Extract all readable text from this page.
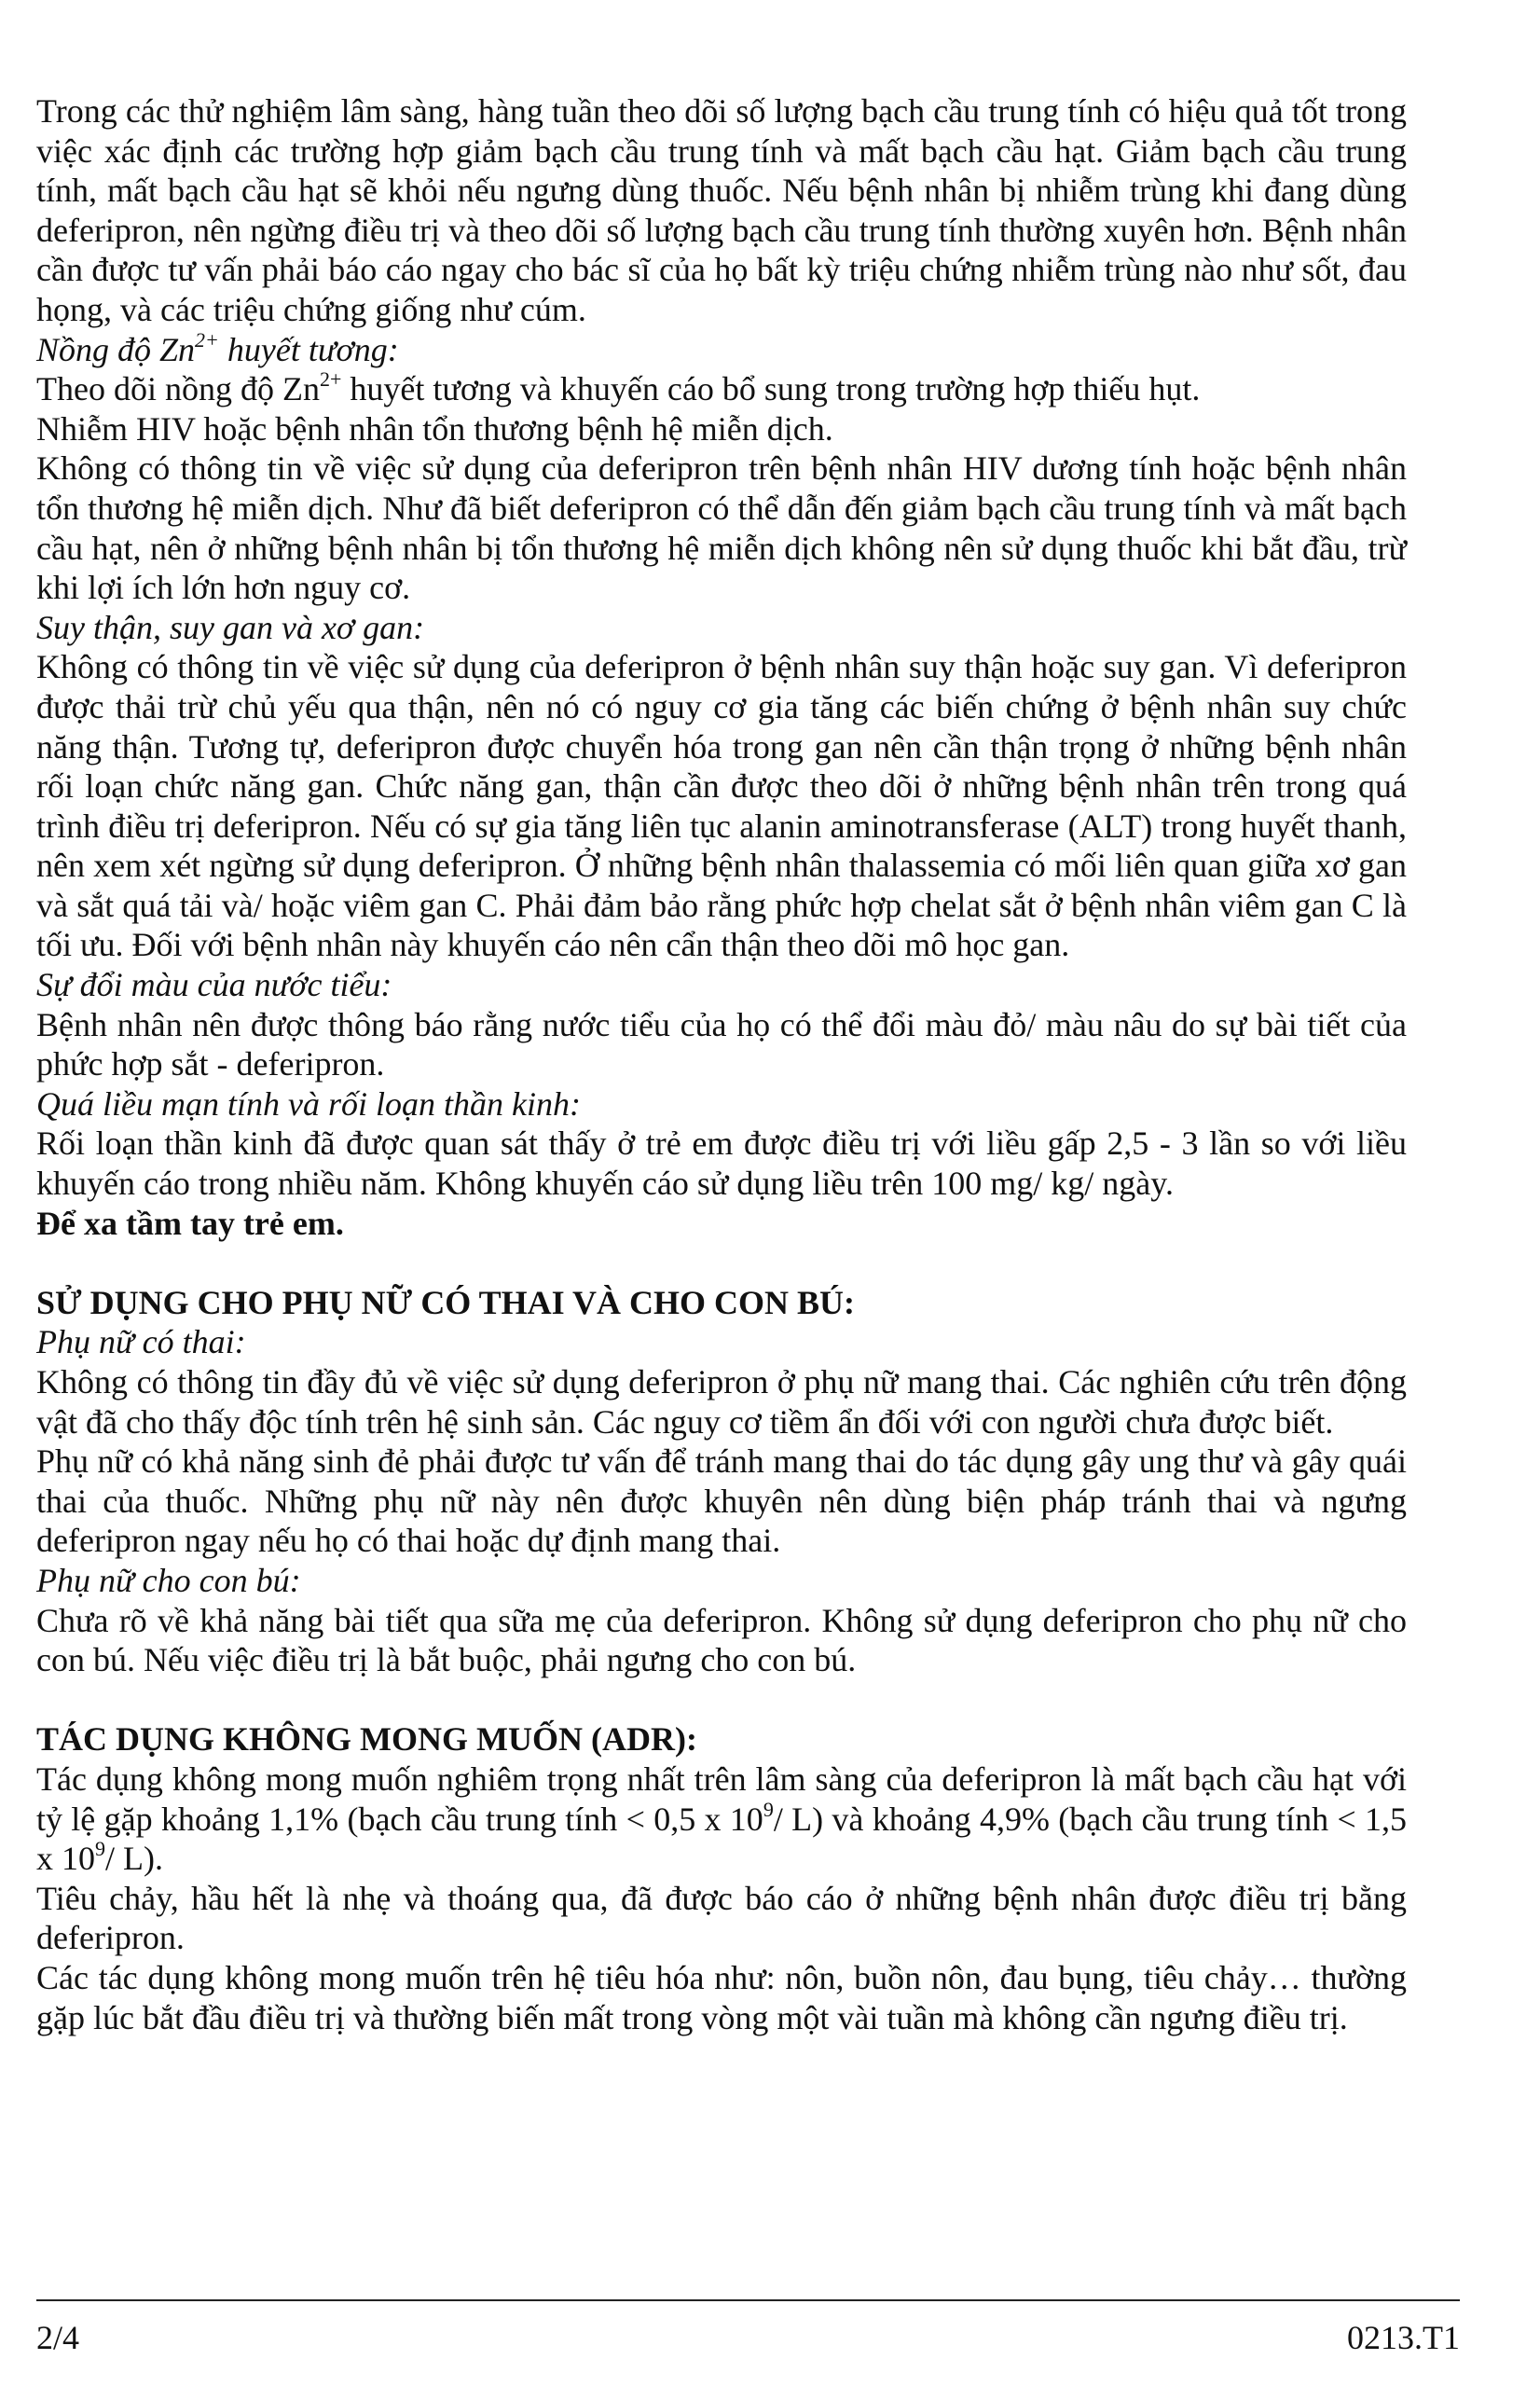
Trong các thử nghiệm lâm sàng, hàng tuần theo dõi số lượng bạch cầu trung tính có hiệu quả tốt trong việc xác định các trường hợp giảm bạch cầu trung tính và mất bạch cầu hạt. Giảm bạch cầu trung tính, mất bạch cầu hạt sẽ khỏi nếu ngưng dùng thuốc. Nếu bệnh nhân bị nhiễm trùng khi đang dùng deferipron, nên ngừng điều trị và theo dõi số lượng bạch cầu trung tính thường xuyên hơn. Bệnh nhân cần được tư vấn phải báo cáo ngay cho bác sĩ của họ bất kỳ triệu chứng nhiễm trùng nào như sốt, đau họng, và các triệu chứng giống như cúm.

Nồng độ $Zn^{2+}$ huyết tương:

Theo dõi nồng độ $Zn^{2+}$ huyết tương và khuyến cáo bổ sung trong trường hợp thiếu hụt.

Nhiễm HIV hoặc bệnh nhân tổn thương bệnh hệ miễn dịch.

Không có thông tin về việc sử dụng của deferipron trên bệnh nhân HIV dương tính hoặc bệnh nhân tổn thương hệ miễn dịch. Như đã biết deferipron có thể dẫn đến giảm bạch cầu trung tính và mất bạch cầu hạt, nên ở những bệnh nhân bị tổn thương hệ miễn dịch không nên sử dụng thuốc khi bắt đầu, trừ khi lợi ích lớn hơn nguy cơ.

Suy thận, suy gan và xơ gan:

Không có thông tin về việc sử dụng của deferipron ở bệnh nhân suy thận hoặc suy gan. Vì deferipron được thải trừ chủ yếu qua thận, nên nó có nguy cơ gia tăng các biến chứng ở bệnh nhân suy chức năng thận. Tương tự, deferipron được chuyển hóa trong gan nên cần thận trọng ở những bệnh nhân rối loạn chức năng gan. Chức năng gan, thận cần được theo dõi ở những bệnh nhân trên trong quá trình điều trị deferipron. Nếu có sự gia tăng liên tục alanin aminotransferase (ALT) trong huyết thanh, nên xem xét ngừng sử dụng deferipron. Ở những bệnh nhân thalassemia có mối liên quan giữa xơ gan và sắt quá tải và/ hoặc viêm gan C. Phải đảm bảo rằng phức hợp chelat sắt ở bệnh nhân viêm gan C là tối ưu. Đối với bệnh nhân này khuyến cáo nên cẩn thận theo dõi mô học gan.

Sự đổi màu của nước tiểu:

Bệnh nhân nên được thông báo rằng nước tiểu của họ có thể đổi màu đỏ/ màu nâu do sự bài tiết của phức hợp sắt - deferipron.

Quá liều mạn tính và rối loạn thần kinh:

Rối loạn thần kinh đã được quan sát thấy ở trẻ em được điều trị với liều gấp 2,5 - 3 lần so với liều khuyến cáo trong nhiều năm. Không khuyến cáo sử dụng liều trên 100 mg/ kg/ ngày.

Để xa tầm tay trẻ em.

SỬ DỤNG CHO PHỤ NỮ CÓ THAI VÀ CHO CON BÚ:

Phụ nữ có thai:

Không có thông tin đầy đủ về việc sử dụng deferipron ở phụ nữ mang thai. Các nghiên cứu trên động vật đã cho thấy độc tính trên hệ sinh sản. Các nguy cơ tiềm ẩn đối với con người chưa được biết.

Phụ nữ có khả năng sinh đẻ phải được tư vấn để tránh mang thai do tác dụng gây ung thư và gây quái thai của thuốc. Những phụ nữ này nên được khuyên nên dùng biện pháp tránh thai và ngưng deferipron ngay nếu họ có thai hoặc dự định mang thai.

Phụ nữ cho con bú:

Chưa rõ về khả năng bài tiết qua sữa mẹ của deferipron. Không sử dụng deferipron cho phụ nữ cho con bú. Nếu việc điều trị là bắt buộc, phải ngưng cho con bú.

TÁC DỤNG KHÔNG MONG MUỐN (ADR):

Tác dụng không mong muốn nghiêm trọng nhất trên lâm sàng của deferipron là mất bạch cầu hạt với tỷ lệ gặp khoảng 1,1% (bạch cầu trung tính < 0,5 x $10^9/$ L) và khoảng 4,9% (bạch cầu trung tính < 1,5 x $10^9/$ L).

Tiêu chảy, hầu hết là nhẹ và thoáng qua, đã được báo cáo ở những bệnh nhân được điều trị bằng deferipron.

Các tác dụng không mong muốn trên hệ tiêu hóa như: nôn, buồn nôn, đau bụng, tiêu chảy… thường gặp lúc bắt đầu điều trị và thường biến mất trong vòng một vài tuần mà không cần ngưng điều trị.

2/4	0213.T1
